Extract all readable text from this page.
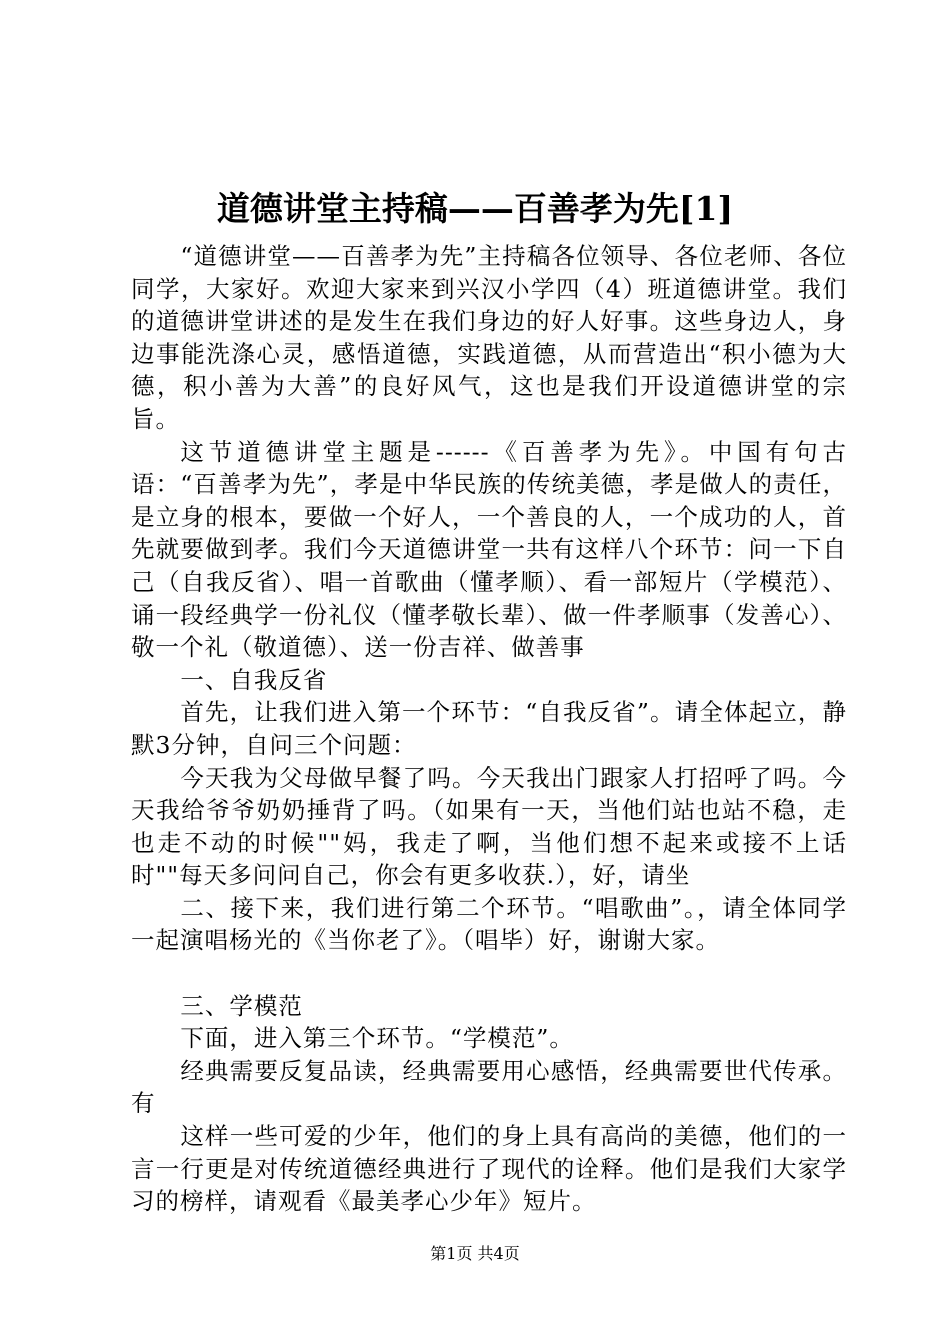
道德讲堂主持稿——百善孝为先[1]

“道德讲堂——百善孝为先”主持稿各位领导、各位老师、各位同学，大家好。欢迎大家来到兴汉小学四（4）班道德讲堂。我们的道德讲堂讲述的是发生在我们身边的好人好事。这些身边人，身边事能洗涤心灵，感悟道德，实践道德，从而营造出“积小德为大德，积小善为大善”的良好风气，这也是我们开设道德讲堂的宗旨。

这节道德讲堂主题是------《百善孝为先》。中国有句古语：“百善孝为先”，孝是中华民族的传统美德，孝是做人的责任，是立身的根本，要做一个好人，一个善良的人，一个成功的人，首先就要做到孝。我们今天道德讲堂一共有这样八个环节：问一下自己（自我反省）、唱一首歌曲（懂孝顺）、看一部短片（学模范）、诵一段经典学一份礼仪（懂孝敬长辈）、做一件孝顺事（发善心）、敬一个礼（敬道德）、送一份吉祥、做善事

一、自我反省

首先，让我们进入第一个环节：“自我反省”。请全体起立，静默3分钟，自问三个问题：

今天我为父母做早餐了吗。今天我出门跟家人打招呼了吗。今天我给爷爷奶奶捶背了吗。（如果有一天，当他们站也站不稳，走也走不动的时候""妈，我走了啊，当他们想不起来或接不上话时""每天多问问自己，你会有更多收获.），好，请坐

二、接下来，我们进行第二个环节。“唱歌曲”。，请全体同学一起演唱杨光的《当你老了》。（唱毕）好，谢谢大家。

三、学模范

下面，进入第三个环节。“学模范”。

经典需要反复品读，经典需要用心感悟，经典需要世代传承。有

这样一些可爱的少年，他们的身上具有高尚的美德，他们的一言一行更是对传统道德经典进行了现代的诠释。他们是我们大家学习的榜样，请观看《最美孝心少年》短片。

第1页 共4页
